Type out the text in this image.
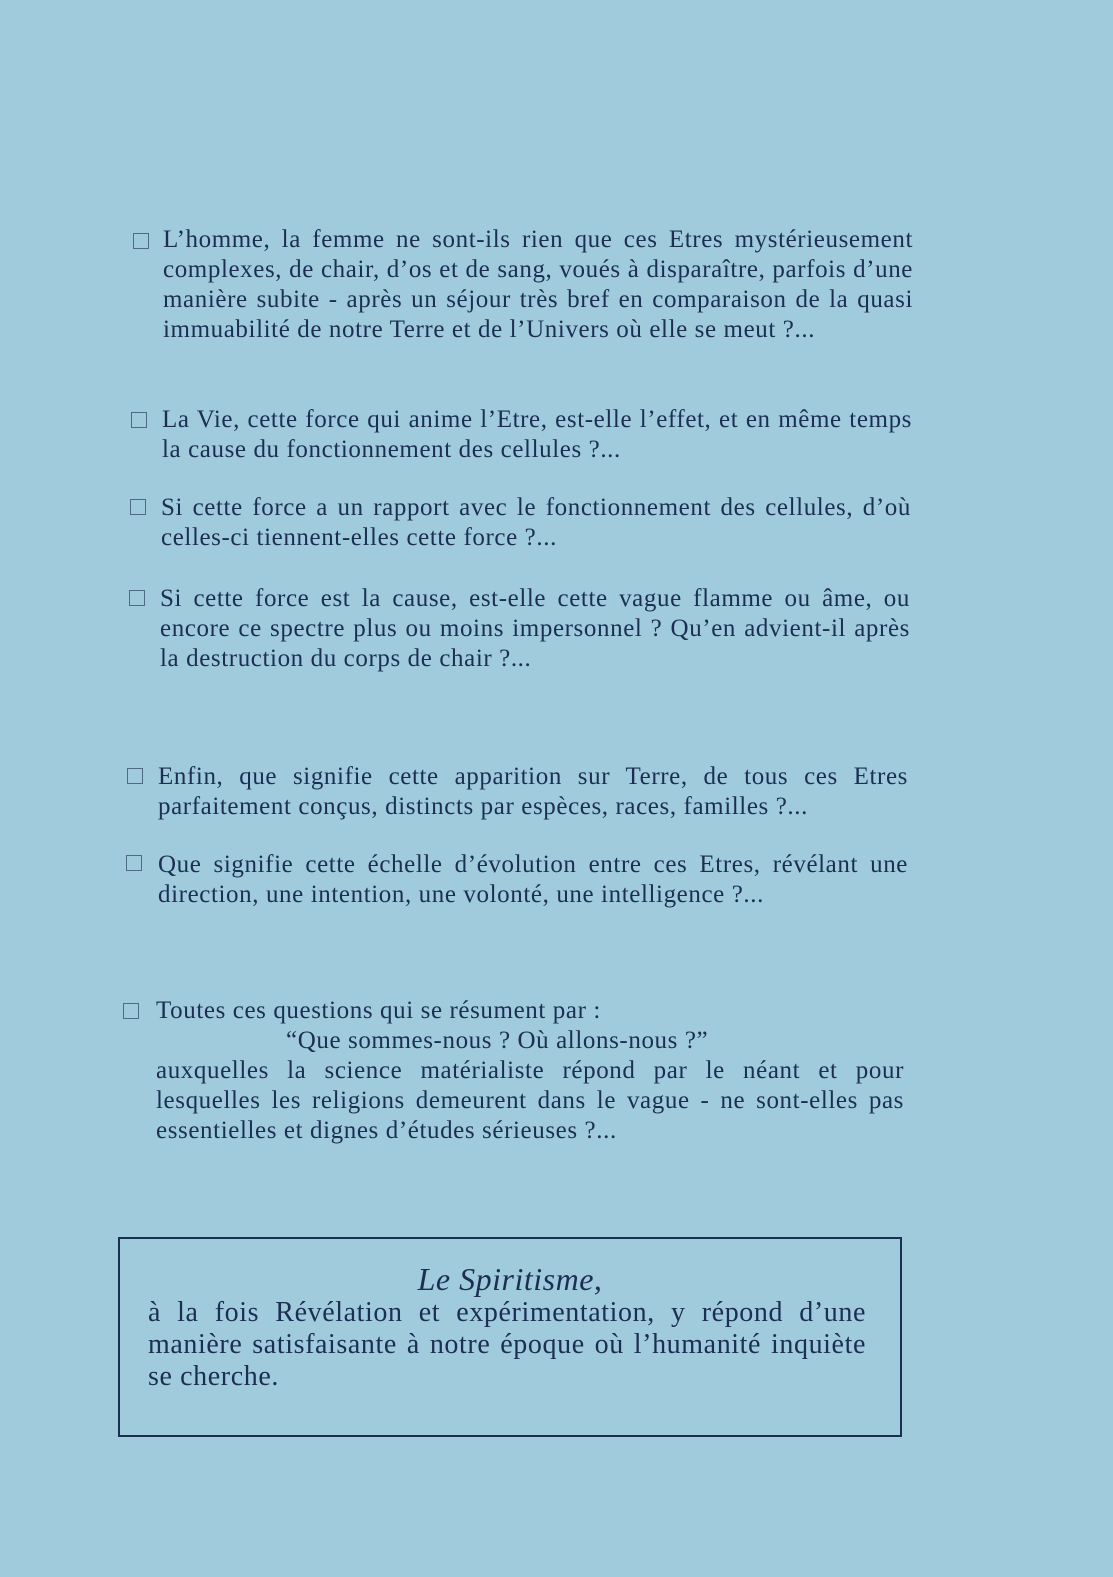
L’homme, la femme ne sont-ils rien que ces Etres mystérieusement complexes, de chair, d’os et de sang, voués à disparaître, parfois d’une manière subite - après un séjour très bref en comparaison de la quasi immuabilité de notre Terre et de l’Univers où elle se meut ?...

La Vie, cette force qui anime l’Etre, est-elle l’effet, et en même temps la cause du fonctionnement des cellules ?...

Si cette force a un rapport avec le fonctionnement des cellules, d’où celles-ci tiennent-elles cette force ?...

Si cette force est la cause, est-elle cette vague flamme ou âme, ou encore ce spectre plus ou moins impersonnel ? Qu’en advient-il après la destruction du corps de chair ?...

Enfin, que signifie cette apparition sur Terre, de tous ces Etres parfaitement conçus, distincts par espèces, races, familles ?...

Que signifie cette échelle d’évolution entre ces Etres, révélant une direction, une intention, une volonté, une intelligence ?...

Toutes ces questions qui se résument par :
“Que sommes-nous ? Où allons-nous ?”
auxquelles la science matérialiste répond par le néant et pour lesquelles les religions demeurent dans le vague - ne sont-elles pas essentielles et dignes d’études sérieuses ?...
Le Spiritisme,

à la fois Révélation et expérimentation, y répond d’une manière satisfaisante à notre époque où l’humanité inquiète se cherche.
